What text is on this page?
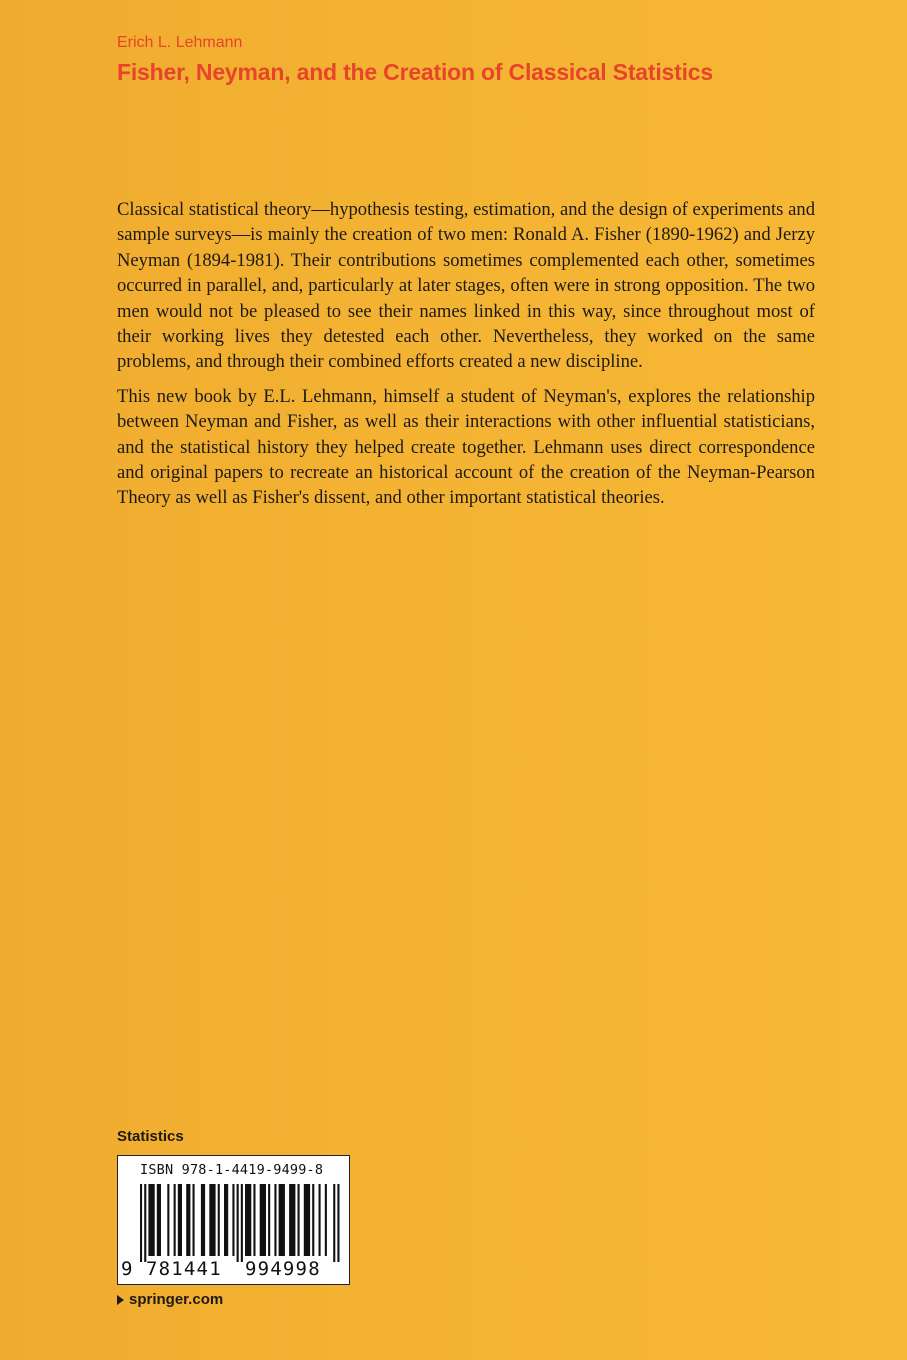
Erich L. Lehmann

Fisher, Neyman, and the Creation of Classical Statistics

Classical statistical theory—hypothesis testing, estimation, and the design of experiments and sample surveys—is mainly the creation of two men: Ronald A. Fisher (1890-1962) and Jerzy Neyman (1894-1981). Their contributions sometimes complemented each other, sometimes occurred in parallel, and, particularly at later stages, often were in strong opposition. The two men would not be pleased to see their names linked in this way, since throughout most of their working lives they detested each other. Nevertheless, they worked on the same problems, and through their combined efforts created a new discipline.

This new book by E.L. Lehmann, himself a student of Neyman's, explores the relationship between Neyman and Fisher, as well as their interactions with other influential statisticians, and the statistical history they helped create together. Lehmann uses direct correspondence and original papers to recreate an historical account of the creation of the Neyman-Pearson Theory as well as Fisher's dissent, and other important statistical theories.

Statistics
ISBN 978-1-4419-9499-8
9 781441 994998
springer.com
